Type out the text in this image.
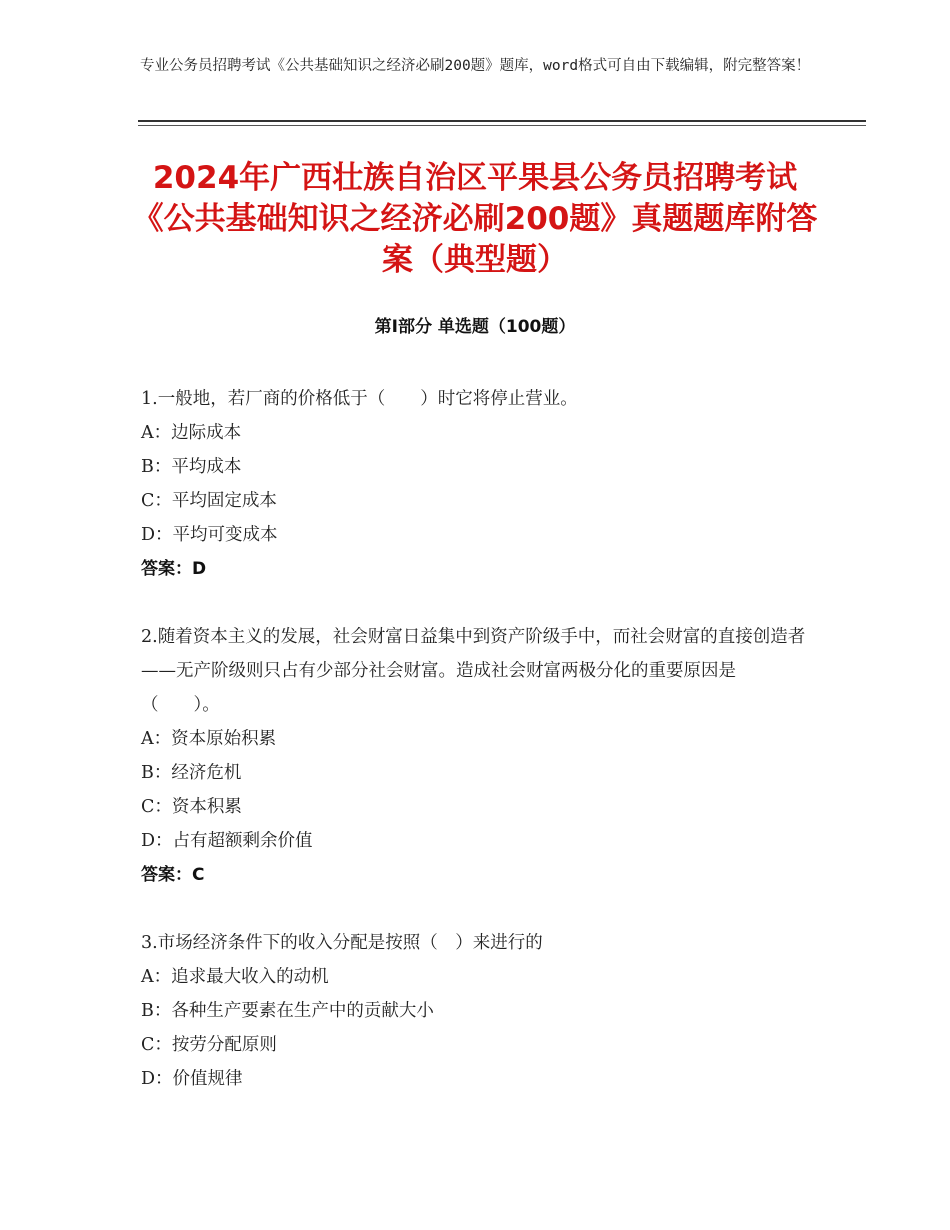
专业公务员招聘考试《公共基础知识之经济必刷200题》题库，word格式可自由下载编辑，附完整答案！
2024年广西壮族自治区平果县公务员招聘考试《公共基础知识之经济必刷200题》真题题库附答案（典型题）
第Ⅰ部分 单选题（100题）
1.一般地，若厂商的价格低于（　　）时它将停止营业。
A：边际成本
B：平均成本
C：平均固定成本
D：平均可变成本
答案：D
2.随着资本主义的发展，社会财富日益集中到资产阶级手中，而社会财富的直接创造者——无产阶级则只占有少部分社会财富。造成社会财富两极分化的重要原因是（　　）。
A：资本原始积累
B：经济危机
C：资本积累
D：占有超额剩余价值
答案：C
3.市场经济条件下的收入分配是按照（　）来进行的
A：追求最大收入的动机
B：各种生产要素在生产中的贡献大小
C：按劳分配原则
D：价值规律
